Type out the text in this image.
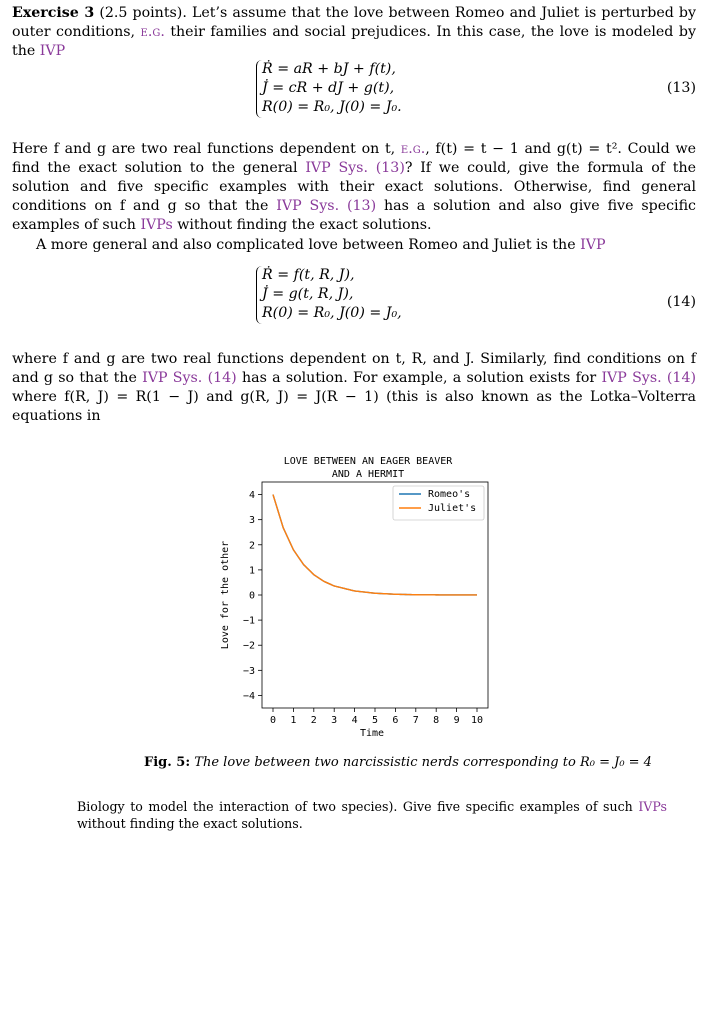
Exercise 3 (2.5 points). Let’s assume that the love between Romeo and Juliet is perturbed by outer conditions, e.g. their families and social prejudices. In this case, the love is modeled by the IVP
Ṙ = aR + bJ + f(t),
J̇ = cR + dJ + g(t),
R(0) = R₀, J(0) = J₀.
(13)
Here f and g are two real functions dependent on t, e.g., f(t) = t − 1 and g(t) = t². Could we find the exact solution to the general IVP Sys. (13)? If we could, give the formula of the solution and five specific examples with their exact solutions. Otherwise, find general conditions on f and g so that the IVP Sys. (13) has a solution and also give five specific examples of such IVPs without finding the exact solutions.
A more general and also complicated love between Romeo and Juliet is the IVP
Ṙ = f(t, R, J),
J̇ = g(t, R, J),
R(0) = R₀, J(0) = J₀,
(14)
where f and g are two real functions dependent on t, R, and J. Similarly, find conditions on f and g so that the IVP Sys. (14) has a solution. For example, a solution exists for IVP Sys. (14) where f(R, J) = R(1 − J) and g(R, J) = J(R − 1) (this is also known as the Lotka–Volterra equations in
LOVE BETWEEN AN EAGER BEAVER
AND A HERMIT
0 1 2 3 4 5 6 7 8 9 10
4
3
2
1
0
−1
−2
−3
−4
Time
Love for the other
Romeo's
Juliet's
Fig. 5: The love between two narcissistic nerds corresponding to R₀ = J₀ = 4
Biology to model the interaction of two species). Give five specific examples of such IVPs without finding the exact solutions.
